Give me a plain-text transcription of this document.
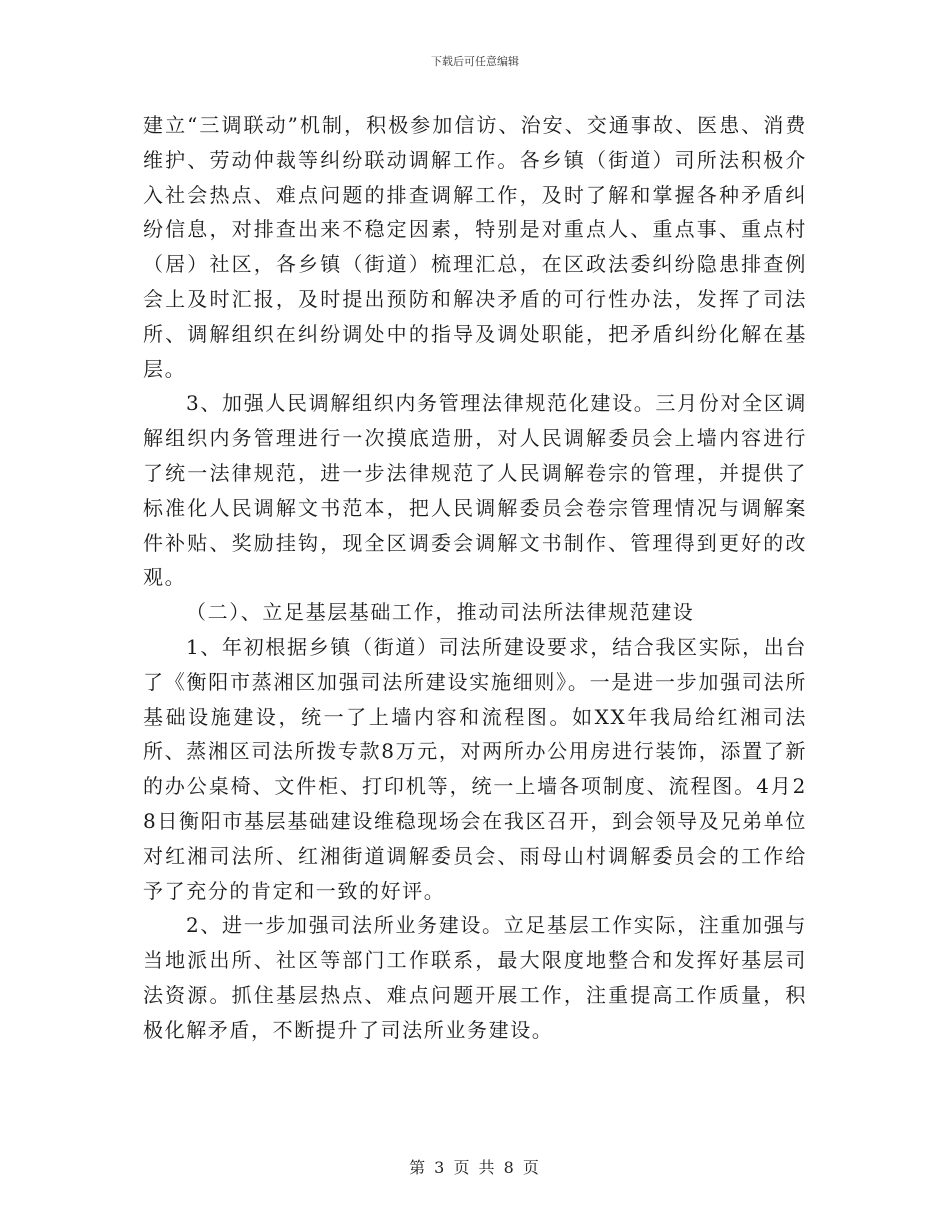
下载后可任意编辑

建立“三调联动”机制，积极参加信访、治安、交通事故、医患、消费维护、劳动仲裁等纠纷联动调解工作。各乡镇（街道）司所法积极介入社会热点、难点问题的排查调解工作，及时了解和掌握各种矛盾纠纷信息，对排查出来不稳定因素，特别是对重点人、重点事、重点村（居）社区，各乡镇（街道）梳理汇总，在区政法委纠纷隐患排查例会上及时汇报，及时提出预防和解决矛盾的可行性办法，发挥了司法所、调解组织在纠纷调处中的指导及调处职能，把矛盾纠纷化解在基层。

3、加强人民调解组织内务管理法律规范化建设。三月份对全区调解组织内务管理进行一次摸底造册，对人民调解委员会上墙内容进行了统一法律规范，进一步法律规范了人民调解卷宗的管理，并提供了标准化人民调解文书范本，把人民调解委员会卷宗管理情况与调解案件补贴、奖励挂钩，现全区调委会调解文书制作、管理得到更好的改观。

（二）、立足基层基础工作，推动司法所法律规范建设

1、年初根据乡镇（街道）司法所建设要求，结合我区实际，出台了《衡阳市蒸湘区加强司法所建设实施细则》。一是进一步加强司法所基础设施建设，统一了上墙内容和流程图。如XX年我局给红湘司法所、蒸湘区司法所拨专款8万元，对两所办公用房进行装饰，添置了新的办公桌椅、文件柜、打印机等，统一上墙各项制度、流程图。4月28日衡阳市基层基础建设维稳现场会在我区召开，到会领导及兄弟单位对红湘司法所、红湘街道调解委员会、雨母山村调解委员会的工作给予了充分的肯定和一致的好评。

2、进一步加强司法所业务建设。立足基层工作实际，注重加强与当地派出所、社区等部门工作联系，最大限度地整合和发挥好基层司法资源。抓住基层热点、难点问题开展工作，注重提高工作质量，积极化解矛盾，不断提升了司法所业务建设。

第 3 页 共 8 页
